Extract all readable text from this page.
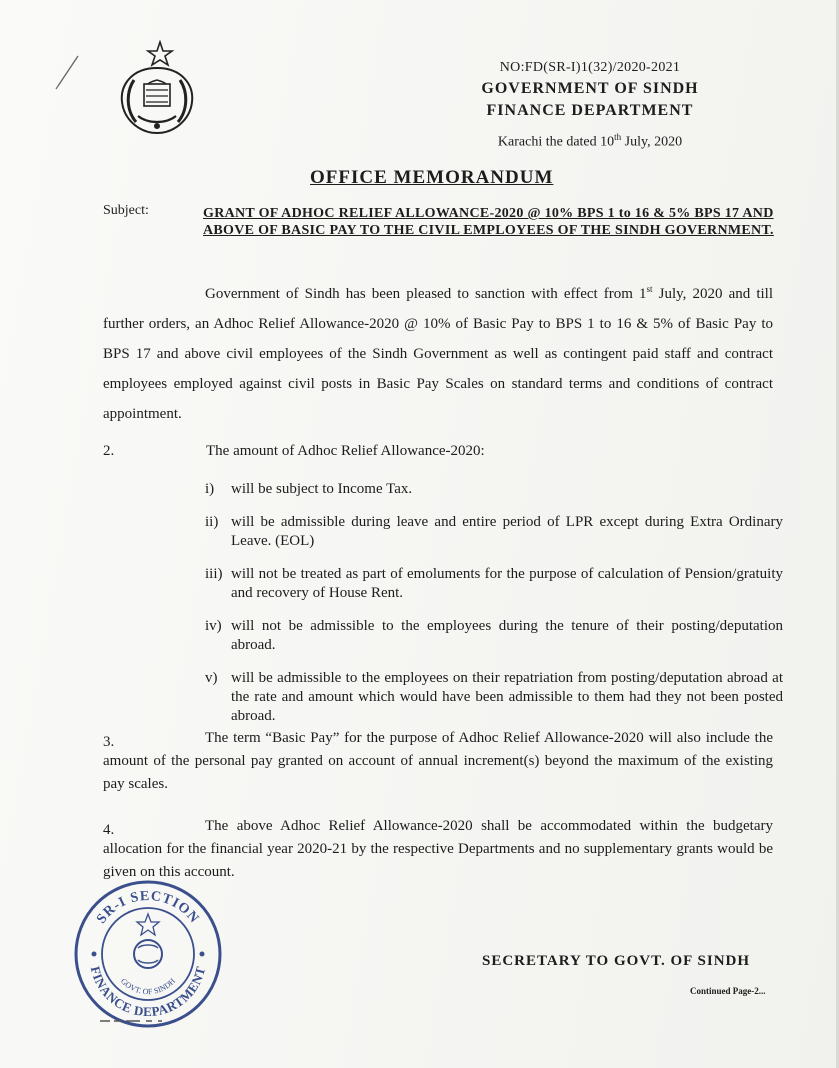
NO:FD(SR-I)1(32)/2020-2021
GOVERNMENT OF SINDH
FINANCE DEPARTMENT
Karachi the dated 10th July, 2020
OFFICE MEMORANDUM
Subject:	GRANT OF ADHOC RELIEF ALLOWANCE-2020 @ 10% BPS 1 to 16 & 5% BPS 17 AND ABOVE OF BASIC PAY TO THE CIVIL EMPLOYEES OF THE SINDH GOVERNMENT.
Government of Sindh has been pleased to sanction with effect from 1st July, 2020 and till further orders, an Adhoc Relief Allowance-2020 @ 10% of Basic Pay to BPS 1 to 16 & 5% of Basic Pay to BPS 17 and above civil employees of the Sindh Government as well as contingent paid staff and contract employees employed against civil posts in Basic Pay Scales on standard terms and conditions of contract appointment.
2.	The amount of Adhoc Relief Allowance-2020:
i)	will be subject to Income Tax.
ii) will be admissible during leave and entire period of LPR except during Extra Ordinary Leave. (EOL)
iii) will not be treated as part of emoluments for the purpose of calculation of Pension/gratuity and recovery of House Rent.
iv) will not be admissible to the employees during the tenure of their posting/deputation abroad.
v) will be admissible to the employees on their repatriation from posting/deputation abroad at the rate and amount which would have been admissible to them had they not been posted abroad.
3.	The term “Basic Pay” for the purpose of Adhoc Relief Allowance-2020 will also include the amount of the personal pay granted on account of annual increment(s) beyond the maximum of the existing pay scales.
4.	The above Adhoc Relief Allowance-2020 shall be accommodated within the budgetary allocation for the financial year 2020-21 by the respective Departments and no supplementary grants would be given on this account.
SR-I SECTION
FINANCE DEPARTMENT
GOVT. OF SINDH
SECRETARY TO GOVT. OF SINDH
Continued Page-2...
